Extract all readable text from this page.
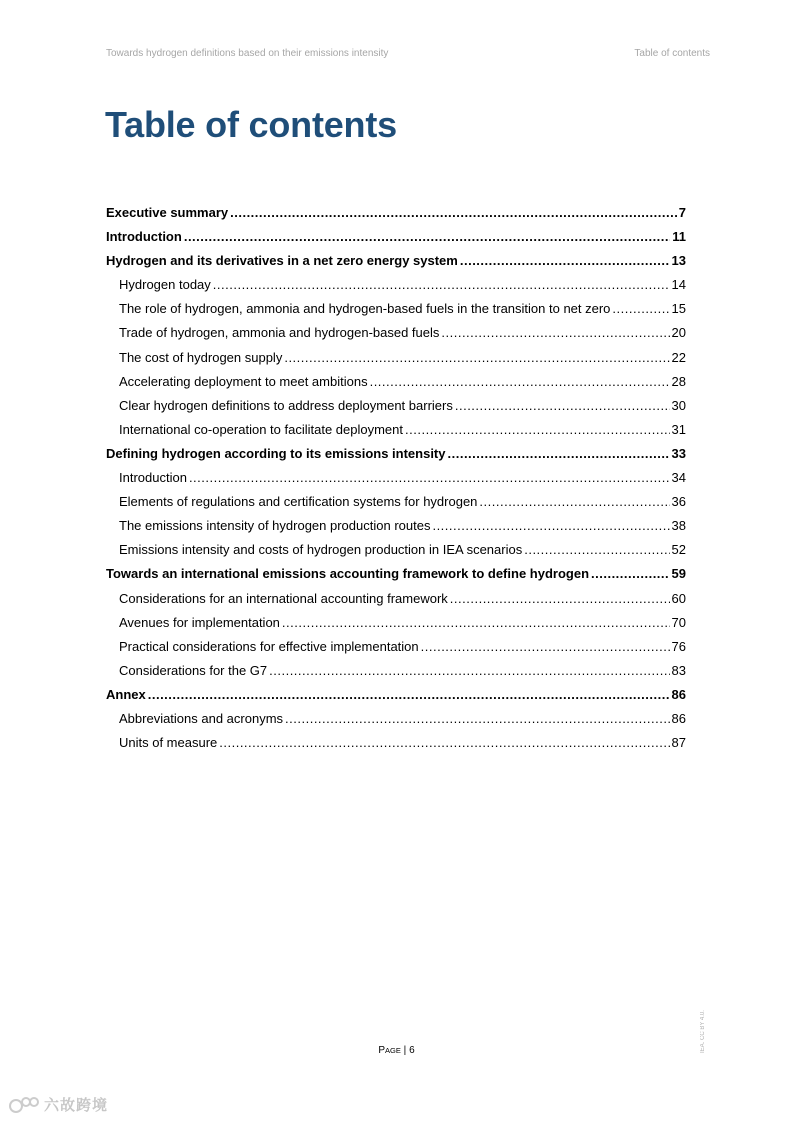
Towards hydrogen definitions based on their emissions intensity	Table of contents
Table of contents
Executive summary .....	7
Introduction .....	11
Hydrogen and its derivatives in a net zero energy system .....	13
Hydrogen today .....	14
The role of hydrogen, ammonia and hydrogen-based fuels in the transition to net zero .....	15
Trade of hydrogen, ammonia and hydrogen-based fuels .....	20
The cost of hydrogen supply .....	22
Accelerating deployment to meet ambitions .....	28
Clear hydrogen definitions to address deployment barriers .....	30
International co-operation to facilitate deployment .....	31
Defining hydrogen according to its emissions intensity .....	33
Introduction .....	34
Elements of regulations and certification systems for hydrogen .....	36
The emissions intensity of hydrogen production routes .....	38
Emissions intensity and costs of hydrogen production in IEA scenarios .....	52
Towards an international emissions accounting framework to define hydrogen .....	59
Considerations for an international accounting framework .....	60
Avenues for implementation .....	70
Practical considerations for effective implementation .....	76
Considerations for the G7 .....	83
Annex .....	86
Abbreviations and acronyms .....	86
Units of measure .....	87
IEA. CC BY 4.0.
PAGE | 6
六故跨境
